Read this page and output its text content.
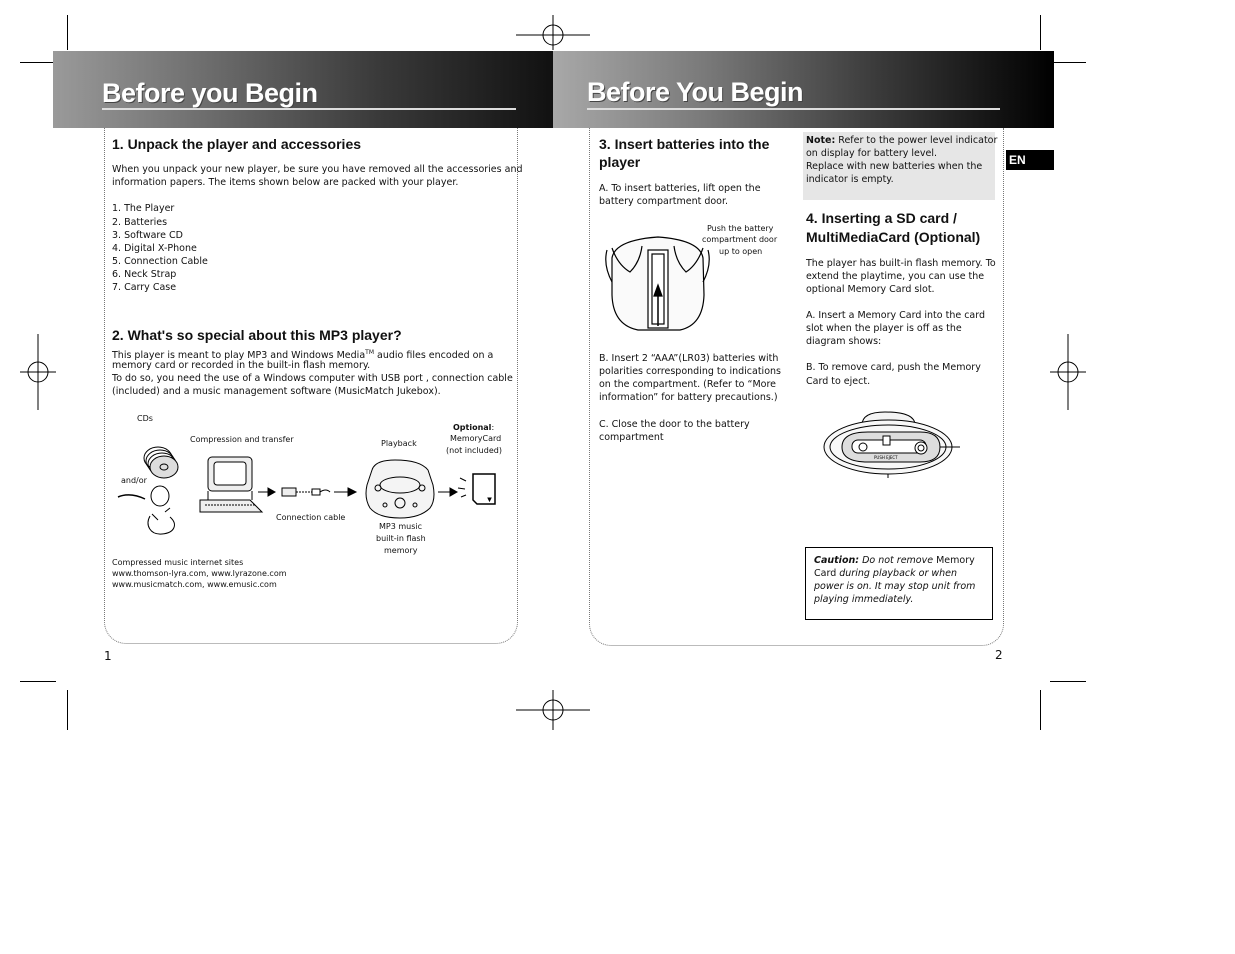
Before you Begin
1. Unpack the player and accessories
When you unpack your new player, be sure you have removed all the accessories and
information papers. The items shown below are packed with your player.
1. The Player
2. Batteries
3. Software CD
4. Digital X-Phone
5. Connection Cable
6. Neck Strap
7. Carry Case
2. What's so special about this MP3 player?
This player is meant to play MP3 and Windows Media™ audio files encoded on a
memory card or recorded in the built-in flash memory.
To do so, you need the use of a Windows computer with USB port , connection cable
(included) and a music management software (MusicMatch Jukebox).
CDs
Compression and transfer	Playback
Optional:
MemoryCard
(not included)
and/or
Connection cable
MP3 music
built-in flash
memory
Compressed music internet sites
www.thomson-lyra.com, www.lyrazone.com
www.musicmatch.com, www.emusic.com
1
Before You Begin
EN
3. Insert batteries into the
player
A. To insert batteries, lift open the
battery compartment door.
Push the battery
compartment door
up to open
B. Insert 2 “AAA”(LR03) batteries with
polarities corresponding to indications
on the compartment. (Refer to “More
information” for battery precautions.)
C. Close the door to the battery
compartment
Note: Refer to the power level indicator
on display for battery level.
Replace with new batteries when the
indicator is empty.
4. Inserting a SD card /
MultiMediaCard (Optional)
The player has built-in flash memory. To
extend the playtime, you can use the
optional Memory Card slot.
A. Insert a Memory Card into the card
slot when the player is off as the
diagram shows:
B. To remove card, push the Memory
Card to eject.
PUSH EJECT
Caution: Do not remove Memory
Card during playback or when
power is on. It may stop unit from
playing immediately.
2
